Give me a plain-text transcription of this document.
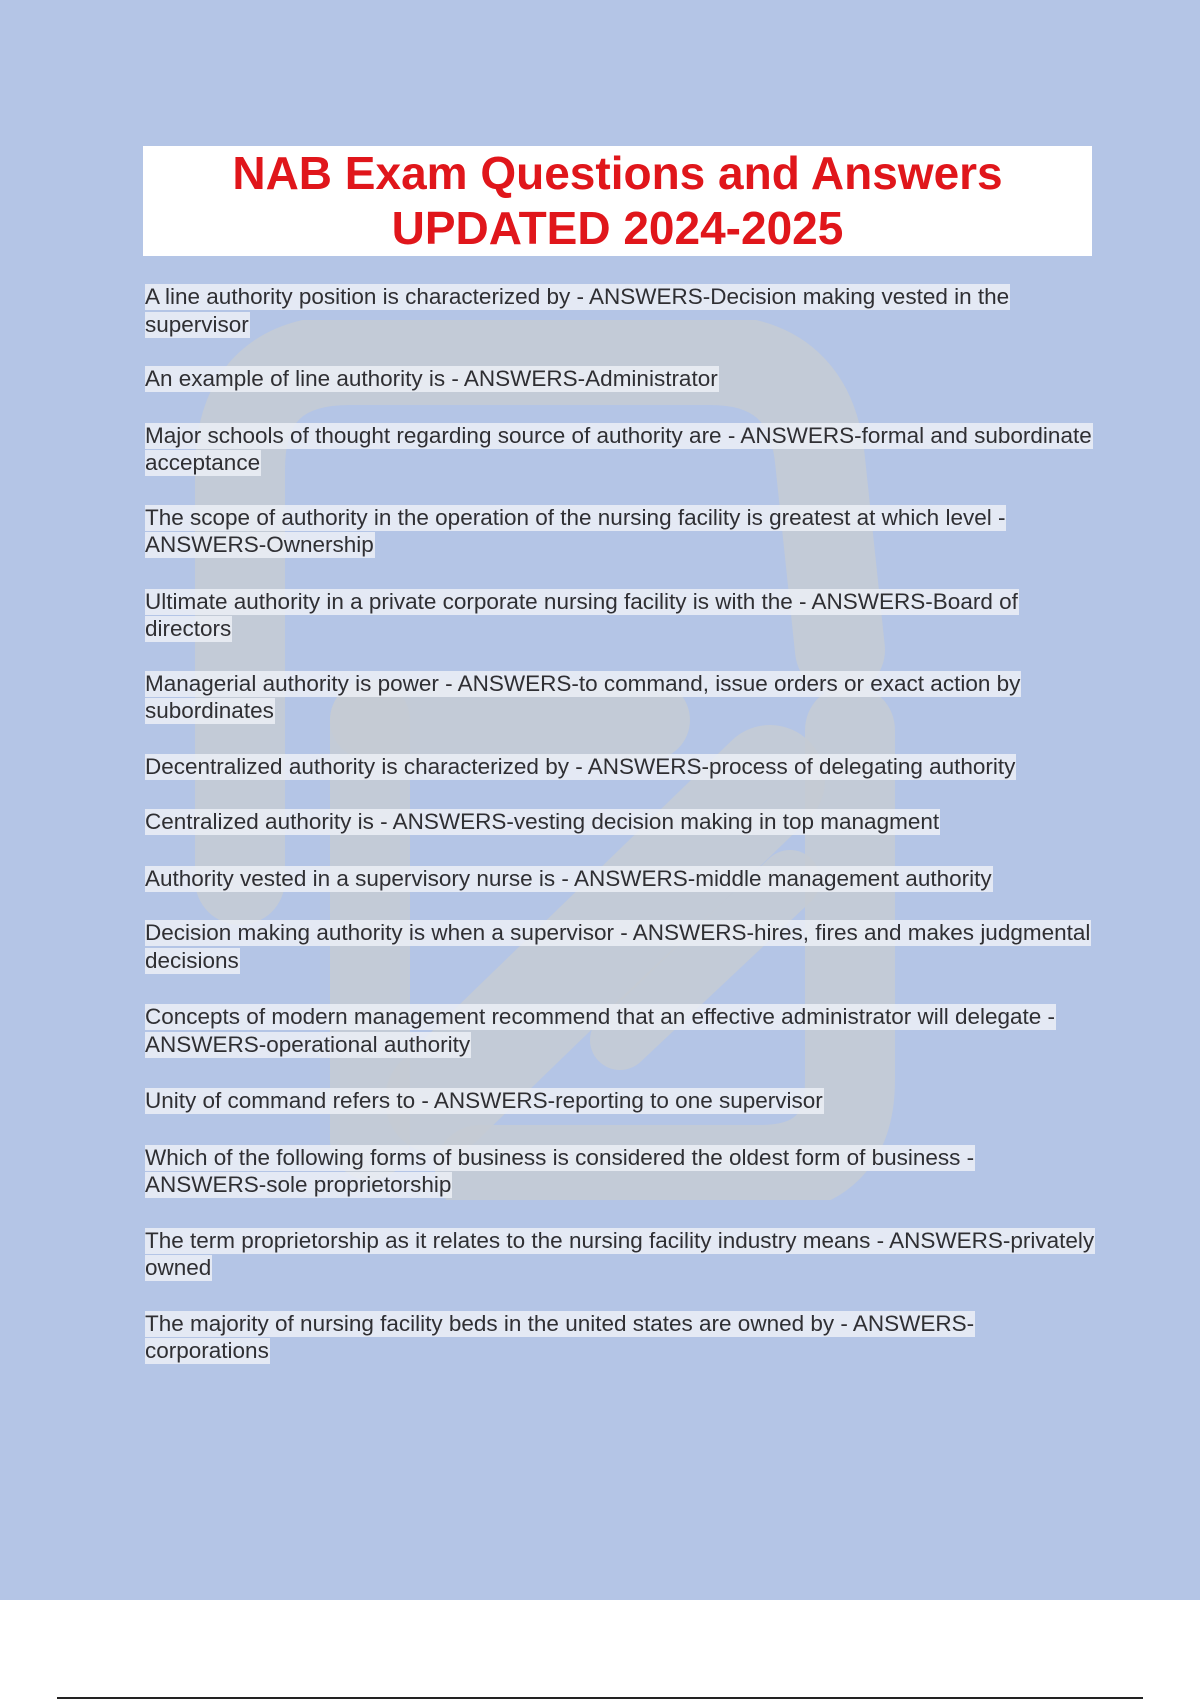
NAB Exam Questions and Answers
UPDATED 2024-2025

A line authority position is characterized by - ANSWERS-Decision making vested in the supervisor

An example of line authority is - ANSWERS-Administrator

Major schools of thought regarding source of authority are - ANSWERS-formal and subordinate acceptance

The scope of authority in the operation of the nursing facility is greatest at which level - ANSWERS-Ownership

Ultimate authority in a private corporate nursing facility is with the - ANSWERS-Board of directors

Managerial authority is power - ANSWERS-to command, issue orders or exact action by subordinates

Decentralized authority is characterized by - ANSWERS-process of delegating authority

Centralized authority is - ANSWERS-vesting decision making in top managment

Authority vested in a supervisory nurse is - ANSWERS-middle management authority

Decision making authority is when a supervisor - ANSWERS-hires, fires and makes judgmental decisions

Concepts of modern management recommend that an effective administrator will delegate - ANSWERS-operational authority

Unity of command refers to - ANSWERS-reporting to one supervisor

Which of the following forms of business is considered the oldest form of business - ANSWERS-sole proprietorship

The term proprietorship as it relates to the nursing facility industry means - ANSWERS-privately owned

The majority of nursing facility beds in the united states are owned by - ANSWERS-corporations
